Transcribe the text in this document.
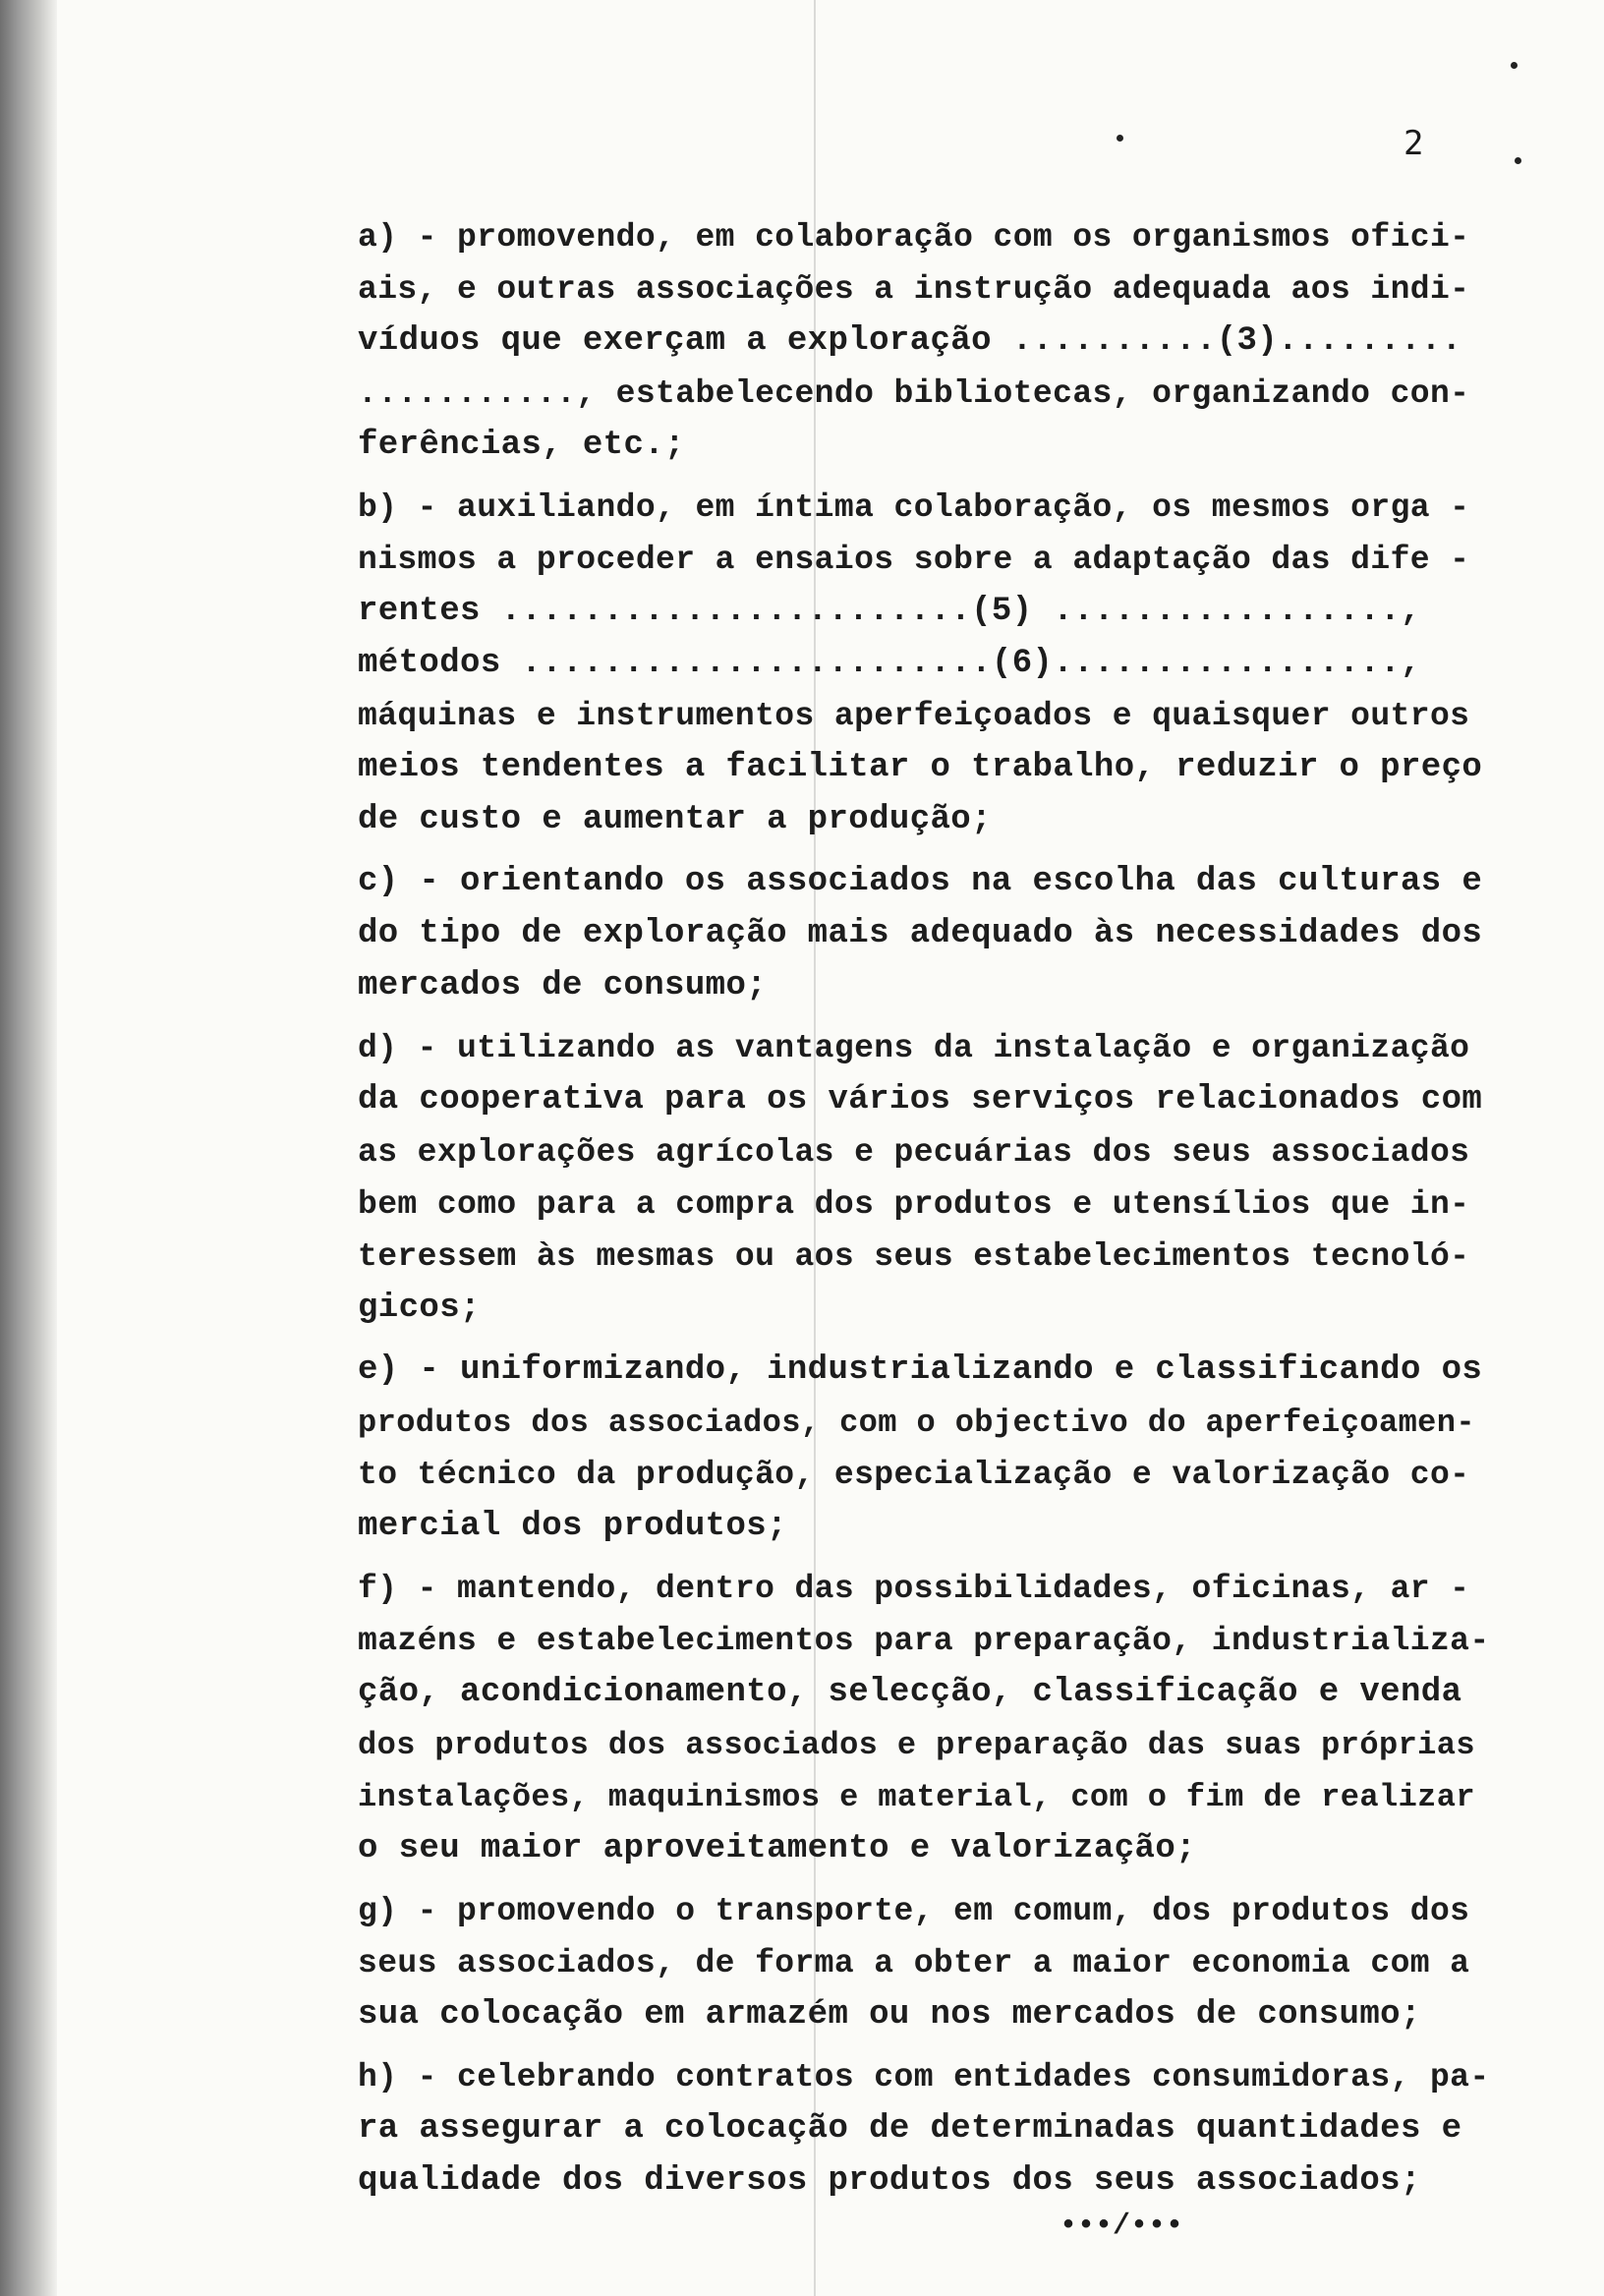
2
a) - promovendo, em colaboração com os organismos ofici-
ais, e outras associações a instrução adequada aos indi-
víduos que exerçam a exploração ..........(3).........
..........., estabelecendo bibliotecas, organizando con-
ferências, etc.;
b) - auxiliando, em íntima colaboração, os mesmos orga -
nismos a proceder a ensaios sobre a adaptação das dife -
rentes .......................(5) .................,
métodos .......................(6).................,
máquinas e instrumentos aperfeiçoados e quaisquer outros
meios tendentes a facilitar o trabalho, reduzir o preço
de custo e aumentar a produção;
c) - orientando os associados na escolha das culturas e
do tipo de exploração mais adequado às necessidades dos
mercados de consumo;
d) - utilizando as vantagens da instalação e organização
da cooperativa para os vários serviços relacionados com
as explorações agrícolas e pecuárias dos seus associados
bem como para a compra dos produtos e utensílios que in-
teressem às mesmas ou aos seus estabelecimentos tecnoló-
gicos;
e) - uniformizando, industrializando e classificando os
produtos dos associados, com o objectivo do aperfeiçoamen-
to técnico da produção, especialização e valorização co-
mercial dos produtos;
f) - mantendo, dentro das possibilidades, oficinas, ar -
mazéns e estabelecimentos para preparação, industrializa-
ção, acondicionamento, selecção, classificação e venda
dos produtos dos associados e preparação das suas próprias
instalações, maquinismos e material, com o fim de realizar
o seu maior aproveitamento e valorização;
g) - promovendo o transporte, em comum, dos produtos dos
seus associados, de forma a obter a maior economia com a
sua colocação em armazém ou nos mercados de consumo;
h) - celebrando contratos com entidades consumidoras, pa-
ra assegurar a colocação de determinadas quantidades e
qualidade dos diversos produtos dos seus associados;
•••/•••
